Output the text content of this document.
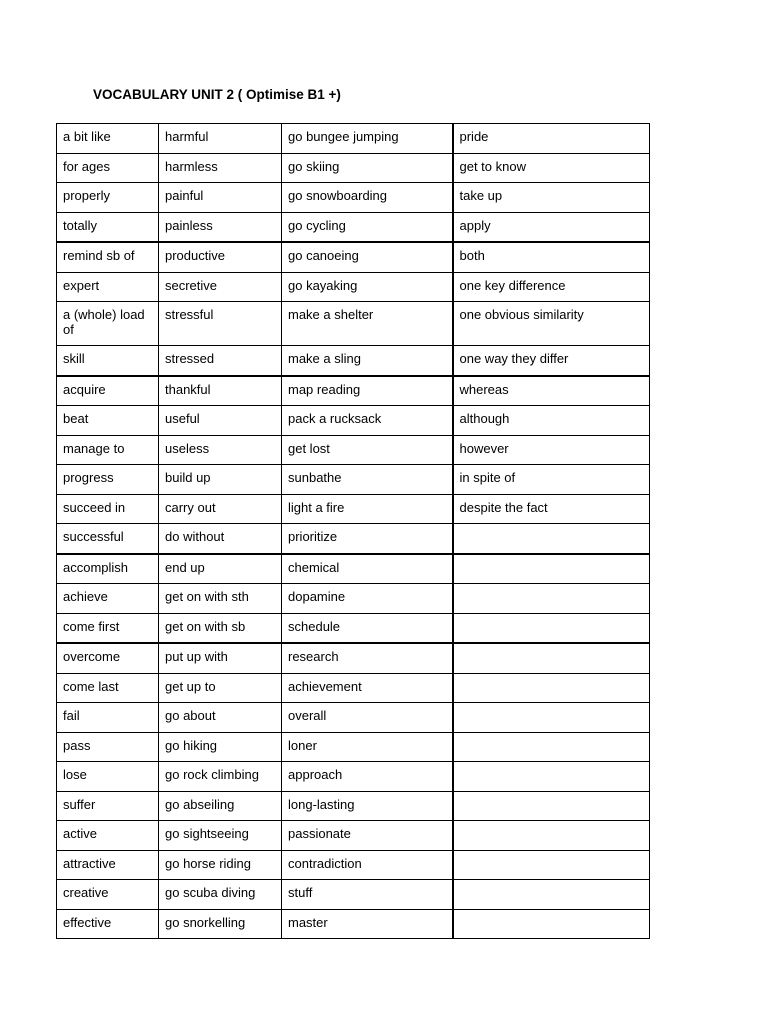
VOCABULARY UNIT 2 ( Optimise B1 +)
a bit like	harmful	go bungee jumping	pride
for ages	harmless	go skiing	get to know
properly	painful	go snowboarding	take up
totally	painless	go cycling	apply
remind sb of	productive	go canoeing	both
expert	secretive	go kayaking	one key difference
a (whole) load of	stressful	make a shelter	one obvious similarity
skill	stressed	make a sling	one way they differ
acquire	thankful	map reading	whereas
beat	useful	pack a rucksack	although
manage to	useless	get lost	however
progress	build up	sunbathe	in spite of
succeed in	carry out	light a fire	despite the fact
successful	do without	prioritize	
accomplish	end up	chemical	
achieve	get on with sth	dopamine	
come first	get on with sb	schedule	
overcome	put up with	research	
come last	get up to	achievement	
fail	go about	overall	
pass	go hiking	loner	
lose	go rock climbing	approach	
suffer	go abseiling	long-lasting	
active	go sightseeing	passionate	
attractive	go horse riding	contradiction	
creative	go scuba diving	stuff	
effective	go snorkelling	master	
